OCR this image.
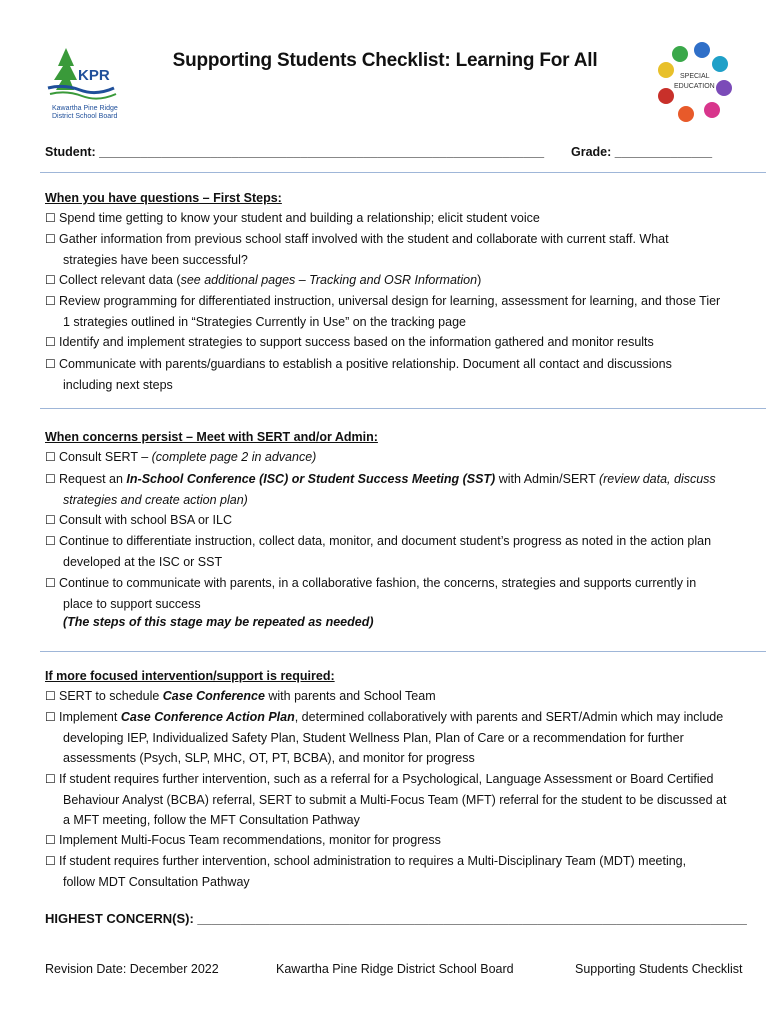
Supporting Students Checklist: Learning For All
KPR
Kawartha Pine Ridge
District School Board
SPECIAL
EDUCATION
Student: ________________________________________________________________ Grade: ______________
When you have questions – First Steps:
☐ Spend time getting to know your student and building a relationship; elicit student voice
☐ Gather information from previous school staff involved with the student and collaborate with current staff. What
strategies have been successful?
☐ Collect relevant data (see additional pages – Tracking and OSR Information)
☐ Review programming for differentiated instruction, universal design for learning, assessment for learning, and those Tier
1 strategies outlined in “Strategies Currently in Use” on the tracking page
☐ Identify and implement strategies to support success based on the information gathered and monitor results
☐ Communicate with parents/guardians to establish a positive relationship. Document all contact and discussions
including next steps
When concerns persist – Meet with SERT and/or Admin:
☐ Consult SERT – (complete page 2 in advance)
☐ Request an In-School Conference (ISC) or Student Success Meeting (SST) with Admin/SERT (review data, discuss
strategies and create action plan)
☐ Consult with school BSA or ILC
☐ Continue to differentiate instruction, collect data, monitor, and document student’s progress as noted in the action plan
developed at the ISC or SST
☐ Continue to communicate with parents, in a collaborative fashion, the concerns, strategies and supports currently in
place to support success
(The steps of this stage may be repeated as needed)
If more focused intervention/support is required:
☐ SERT to schedule Case Conference with parents and School Team
☐ Implement Case Conference Action Plan, determined collaboratively with parents and SERT/Admin which may include
developing IEP, Individualized Safety Plan, Student Wellness Plan, Plan of Care or a recommendation for further
assessments (Psych, SLP, MHC, OT, PT, BCBA), and monitor for progress
☐ If student requires further intervention, such as a referral for a Psychological, Language Assessment or Board Certified
Behaviour Analyst (BCBA) referral, SERT to submit a Multi-Focus Team (MFT) referral for the student to be discussed at
a MFT meeting, follow the MFT Consultation Pathway
☐ Implement Multi-Focus Team recommendations, monitor for progress
☐ If student requires further intervention, school administration to requires a Multi-Disciplinary Team (MDT) meeting,
follow MDT Consultation Pathway
HIGHEST CONCERN(S): ____________________________________________________________________________
Revision Date: December 2022	Kawartha Pine Ridge District School Board	Supporting Students Checklist
